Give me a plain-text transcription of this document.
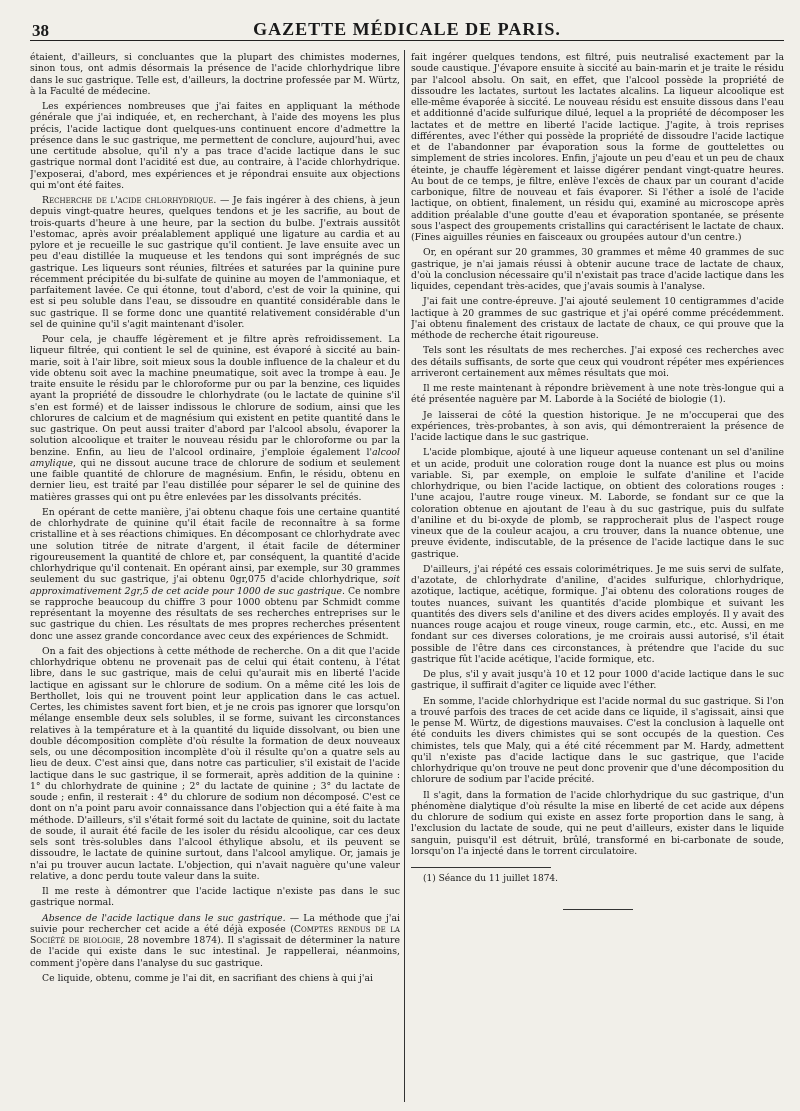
38	GAZETTE MÉDICALE DE PARIS.

étaient, d'ailleurs, si concluantes que la plupart des chimistes modernes, sinon tous, ont admis désormais la présence de l'acide chlorhydrique libre dans le suc gastrique. Telle est, d'ailleurs, la doctrine professée par M. Würtz, à la Faculté de médecine.

Les expériences nombreuses que j'ai faites en appliquant la méthode générale que j'ai indiquée, et, en recherchant, à l'aide des moyens les plus précis, l'acide lactique dont quelques-uns continuent encore d'admettre la présence dans le suc gastrique, me permettent de conclure, aujourd'hui, avec une certitude absolue, qu'il n'y a pas trace d'acide lactique dans le suc gastrique normal dont l'acidité est due, au contraire, à l'acide chlorhydrique. J'exposerai, d'abord, mes expériences et je répondrai ensuite aux objections qui m'ont été faites.

Recherche de l'acide chlorhydrique. — Je fais ingérer à des chiens, à jeun depuis vingt-quatre heures, quelques tendons et je les sacrifie, au bout de trois-quarts d'heure à une heure, par la section du bulbe. J'extrais aussitôt l'estomac, après avoir préalablement appliqué une ligature au cardia et au pylore et je recueille le suc gastrique qu'il contient. Je lave ensuite avec un peu d'eau distillée la muqueuse et les tendons qui sont imprégnés de suc gastrique. Les liqueurs sont réunies, filtrées et saturées par la quinine pure récemment précipitée du bi-sulfate de quinine au moyen de l'ammoniaque, et parfaitement lavée. Ce qui étonne, tout d'abord, c'est de voir la quinine, qui est si peu soluble dans l'eau, se dissoudre en quantité considérable dans le suc gastrique. Il se forme donc une quantité relativement considérable d'un sel de quinine qu'il s'agit maintenant d'isoler.

Pour cela, je chauffe légèrement et je filtre après refroidissement. La liqueur filtrée, qui contient le sel de quinine, est évaporé à siccité au bain-marie, soit à l'air libre, soit mieux sous la double influence de la chaleur et du vide obtenu soit avec la machine pneumatique, soit avec la trompe à eau. Je traite ensuite le résidu par le chloroforme pur ou par la benzine, ces liquides ayant la propriété de dissoudre le chlorhydrate (ou le lactate de quinine s'il s'en est formé) et de laisser indissous le chlorure de sodium, ainsi que les chlorures de calcium et de magnésium qui existent en petite quantité dans le suc gastrique. On peut aussi traiter d'abord par l'alcool absolu, évaporer la solution alcoolique et traiter le nouveau résidu par le chloroforme ou par la benzine. Enfin, au lieu de l'alcool ordinaire, j'emploie également l'alcool amylique, qui ne dissout aucune trace de chlorure de sodium et seulement une faible quantité de chlorure de magnésium. Enfin, le résidu, obtenu en dernier lieu, est traité par l'eau distillée pour séparer le sel de quinine des matières grasses qui ont pu être enlevées par les dissolvants précités.

En opérant de cette manière, j'ai obtenu chaque fois une certaine quantité de chlorhydrate de quinine qu'il était facile de reconnaître à sa forme cristalline et à ses réactions chimiques. En décomposant ce chlorhydrate avec une solution titrée de nitrate d'argent, il était facile de déterminer rigoureusement la quantité de chlore et, par conséquent, la quantité d'acide chlorhydrique qu'il contenait. En opérant ainsi, par exemple, sur 30 grammes seulement du suc gastrique, j'ai obtenu 0gr,075 d'acide chlorhydrique, soit approximativement 2gr,5 de cet acide pour 1000 de suc gastrique. Ce nombre se rapproche beaucoup du chiffre 3 pour 1000 obtenu par Schmidt comme représentant la moyenne des résultats de ses recherches entreprises sur le suc gastrique du chien. Les résultats de mes propres recherches présentent donc une assez grande concordance avec ceux des expériences de Schmidt.

On a fait des objections à cette méthode de recherche. On a dit que l'acide chlorhydrique obtenu ne provenait pas de celui qui était contenu, à l'état libre, dans le suc gastrique, mais de celui qu'aurait mis en liberté l'acide lactique en agissant sur le chlorure de sodium. On a même cité les lois de Berthollet, lois qui ne trouvent point leur application dans le cas actuel. Certes, les chimistes savent fort bien, et je ne crois pas ignorer que lorsqu'on mélange ensemble deux sels solubles, il se forme, suivant les circonstances relatives à la température et à la quantité du liquide dissolvant, ou bien une double décomposition complète d'où résulte la formation de deux nouveaux sels, ou une décomposition incomplète d'où il résulte qu'on a quatre sels au lieu de deux. C'est ainsi que, dans notre cas particulier, s'il existait de l'acide lactique dans le suc gastrique, il se formerait, après addition de la quinine : 1° du chlorhydrate de quinine ; 2° du lactate de quinine ; 3° du lactate de soude ; enfin, il resterait : 4° du chlorure de sodium non décomposé. C'est ce dont on n'a point paru avoir connaissance dans l'objection qui a été faite à ma méthode. D'ailleurs, s'il s'était formé soit du lactate de quinine, soit du lactate de soude, il aurait été facile de les isoler du résidu alcoolique, car ces deux sels sont très-solubles dans l'alcool éthylique absolu, et ils peuvent se dissoudre, le lactate de quinine surtout, dans l'alcool amylique. Or, jamais je n'ai pu trouver aucun lactate. L'objection, qui n'avait naguère qu'une valeur relative, a donc perdu toute valeur dans la suite.

Il me reste à démontrer que l'acide lactique n'existe pas dans le suc gastrique normal.

Absence de l'acide lactique dans le suc gastrique. — La méthode que j'ai suivie pour rechercher cet acide a été déjà exposée (Comptes rendus de la Société de biologie, 28 novembre 1874). Il s'agissait de déterminer la nature de l'acide qui existe dans le suc intestinal. Je rappellerai, néanmoins, comment j'opère dans l'analyse du suc gastrique.

Ce liquide, obtenu, comme je l'ai dit, en sacrifiant des chiens à qui j'ai

fait ingérer quelques tendons, est filtré, puis neutralisé exactement par la soude caustique. J'évapore ensuite à siccité au bain-marin et je traite le résidu par l'alcool absolu. On sait, en effet, que l'alcool possède la propriété de dissoudre les lactates, surtout les lactates alcalins. La liqueur alcoolique est elle-même évaporée à siccité. Le nouveau résidu est ensuite dissous dans l'eau et additionné d'acide sulfurique dilué, lequel a la propriété de décomposer les lactates et de mettre en liberté l'acide lactique. J'agite, à trois reprises différentes, avec l'éther qui possède la propriété de dissoudre l'acide lactique et de l'abandonner par évaporation sous la forme de gouttelettes ou simplement de stries incolores. Enfin, j'ajoute un peu d'eau et un peu de chaux éteinte, je chauffe légèrement et laisse digérer pendant vingt-quatre heures. Au bout de ce temps, je filtre, enlève l'excès de chaux par un courant d'acide carbonique, filtre de nouveau et fais évaporer. Si l'éther a isolé de l'acide lactique, on obtient, finalement, un résidu qui, examiné au microscope après addition préalable d'une goutte d'eau et évaporation spontanée, se présente sous l'aspect des groupements cristallins qui caractérisent le lactate de chaux. (Fines aiguilles réunies en faisceaux ou groupées autour d'un centre.)

Or, en opérant sur 20 grammes, 30 grammes et même 40 grammes de suc gastrique, je n'ai jamais réussi à obtenir aucune trace de lactate de chaux, d'où la conclusion nécessaire qu'il n'existait pas trace d'acide lactique dans les liquides, cependant très-acides, que j'avais soumis à l'analyse.

J'ai fait une contre-épreuve. J'ai ajouté seulement 10 centigrammes d'acide lactique à 20 grammes de suc gastrique et j'ai opéré comme précédemment. J'ai obtenu finalement des cristaux de lactate de chaux, ce qui prouve que la méthode de recherche était rigoureuse.

Tels sont les résultats de mes recherches. J'ai exposé ces recherches avec des détails suffisants, de sorte que ceux qui voudront répéter mes expériences arriveront certainement aux mêmes résultats que moi.

Il me reste maintenant à répondre brièvement à une note très-longue qui a été présentée naguère par M. Laborde à la Société de biologie (1).

Je laisserai de côté la question historique. Je ne m'occuperai que des expériences, très-probantes, à son avis, qui démontreraient la présence de l'acide lactique dans le suc gastrique.

L'acide plombique, ajouté à une liqueur aqueuse contenant un sel d'aniline et un acide, produit une coloration rouge dont la nuance est plus ou moins variable. Si, par exemple, on emploie le sulfate d'aniline et l'acide chlorhydrique, ou bien l'acide lactique, on obtient des colorations rouges : l'une acajou, l'autre rouge vineux. M. Laborde, se fondant sur ce que la coloration obtenue en ajoutant de l'eau à du suc gastrique, puis du sulfate d'aniline et du bi-oxyde de plomb, se rapprocherait plus de l'aspect rouge vineux que de la couleur acajou, a cru trouver, dans la nuance obtenue, une preuve évidente, indiscutable, de la présence de l'acide lactique dans le suc gastrique.

D'ailleurs, j'ai répété ces essais colorimétriques. Je me suis servi de sulfate, d'azotate, de chlorhydrate d'aniline, d'acides sulfurique, chlorhydrique, azotique, lactique, acétique, formique. J'ai obtenu des colorations rouges de toutes nuances, suivant les quantités d'acide plombique et suivant les quantités des divers sels d'aniline et des divers acides employés. Il y avait des nuances rouge acajou et rouge vineux, rouge carmin, etc., etc. Aussi, en me fondant sur ces diverses colorations, je me croirais aussi autorisé, s'il était possible de l'être dans ces circonstances, à prétendre que l'acide du suc gastrique fût l'acide acétique, l'acide formique, etc.

De plus, s'il y avait jusqu'à 10 et 12 pour 1000 d'acide lactique dans le suc gastrique, il suffirait d'agiter ce liquide avec l'éther.

En somme, l'acide chlorhydrique est l'acide normal du suc gastrique. Si l'on a trouvé parfois des traces de cet acide dans ce liquide, il s'agissait, ainsi que le pense M. Würtz, de digestions mauvaises. C'est la conclusion à laquelle ont été conduits les divers chimistes qui se sont occupés de la question. Ces chimistes, tels que Maly, qui a été cité récemment par M. Hardy, admettent qu'il n'existe pas d'acide lactique dans le suc gastrique, que l'acide chlorhydrique qu'on trouve ne peut donc provenir que d'une décomposition du chlorure de sodium par l'acide précité.

Il s'agit, dans la formation de l'acide chlorhydrique du suc gastrique, d'un phénomène dialytique d'où résulte la mise en liberté de cet acide aux dépens du chlorure de sodium qui existe en assez forte proportion dans le sang, à l'exclusion du lactate de soude, qui ne peut d'ailleurs, exister dans le liquide sanguin, puisqu'il est détruit, brûlé, transformé en bi-carbonate de soude, lorsqu'on l'a injecté dans le torrent circulatoire.

(1) Séance du 11 juillet 1874.
